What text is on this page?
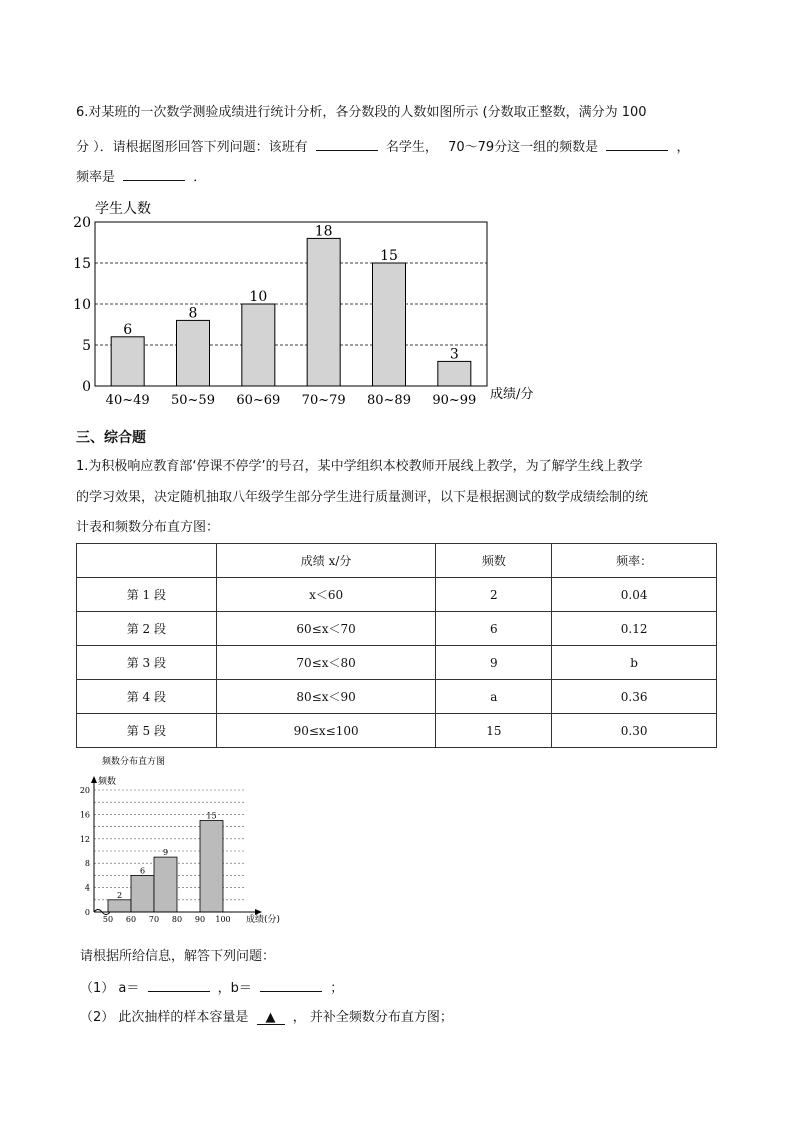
6.对某班的一次数学测验成绩进行统计分析，各分数段的人数如图所示 (分数取正整数，满分为 100
分 ）．请根据图形回答下列问题：该班有	名学生， 70～79分这一组的频数是	，
频率是	．
学生人数
成绩/分
6
8
10
18
15
3
0
5
10
15
20
40~49 50~59 60~69 70~79 80~89 90~99
三、综合题
1.为积极响应教育部‘停课不停学’的号召，某中学组织本校教师开展线上教学，为了解学生线上教学
的学习效果，决定随机抽取八年级学生部分学生进行质量测评，以下是根据测试的数学成绩绘制的统
计表和频数分布直方图：
	成绩 x/分	频数	频率：
第 1 段	x＜60	2	0.04
第 2 段	60≤x＜70	6	0.12
第 3 段	70≤x＜80	9	b
第 4 段	80≤x＜90	a	0.36
第 5 段	90≤x≤100	15	0.30
频数分布直方图
频数
成绩(分)
2
6
9
15
0
4
8
12
16
20
50 60 70 80 90 100
请根据所给信息，解答下列问题：
（1） a＝	，b＝	；
（2） 此次抽样的样本容量是 ▲ ， 并补全频数分布直方图；
